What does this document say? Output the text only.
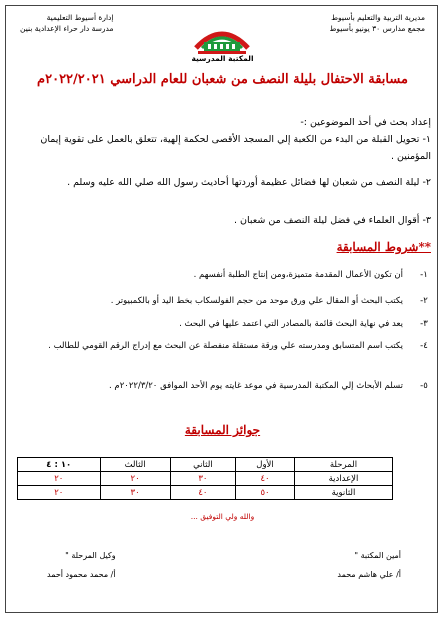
مديرية التربية والتعليم بأسيوط
مجمع مدارس ٣٠ يونيو بأسيوط
إدارة أسيوط التعليمية
مدرسة دار حراء الإعدادية بنين
المكتبة المدرسية
مسابقة الاحتفال بليلة النصف من شعبان للعام الدراسي ٢٠٢٢/٢٠٢١م
إعداد بحث في أحد الموضوعين :-
١- تحويل القبلة من البدء من الكعبة إلي المسجد الأقصى لحكمة إلهية، تتعلق بالعمل على تقوية إيمان المؤمنين .
٢- ليلة النصف من شعبان لها فضائل عظيمة أوردتها أحاديث رسول الله صلي الله عليه وسلم .
٣- أقوال العلماء في فضل ليلة النصف من شعبان .
**شروط المسابقة
١-
أن تكون الأعمال المقدمة متميزة،ومن إنتاج الطلبة أنفسهم .
٢-
يكتب البحث أو المقال علي ورق موحد من حجم الفولسكاب بخط اليد أو بالكمبيوتر .
٣-
يعد في نهاية البحث قائمة بالمصادر التي اعتمد عليها في البحث .
٤-
يكتب اسم المتسابق ومدرسته علي ورقة مستقلة منفصلة عن البحث مع إدراج الرقم القومي للطالب .
٥-
تسلم الأبحاث إلي المكتبة المدرسية في موعد غايته يوم الأحد الموافق ٢٠٢٢/٣/٢٠م .
جوائز المسابقة
المرحلة	الأول	الثاني	الثالث	١٠ : ٤
الإعدادية	٤٠	٣٠	٢٠	٢٠
الثانوية	٥٠	٤٠	٣٠	٢٠
والله ولي التوفيق ...
أمين المكتبة "
أ/ علي هاشم محمد
وكيل المرحلة "
أ/ محمد محمود أحمد
